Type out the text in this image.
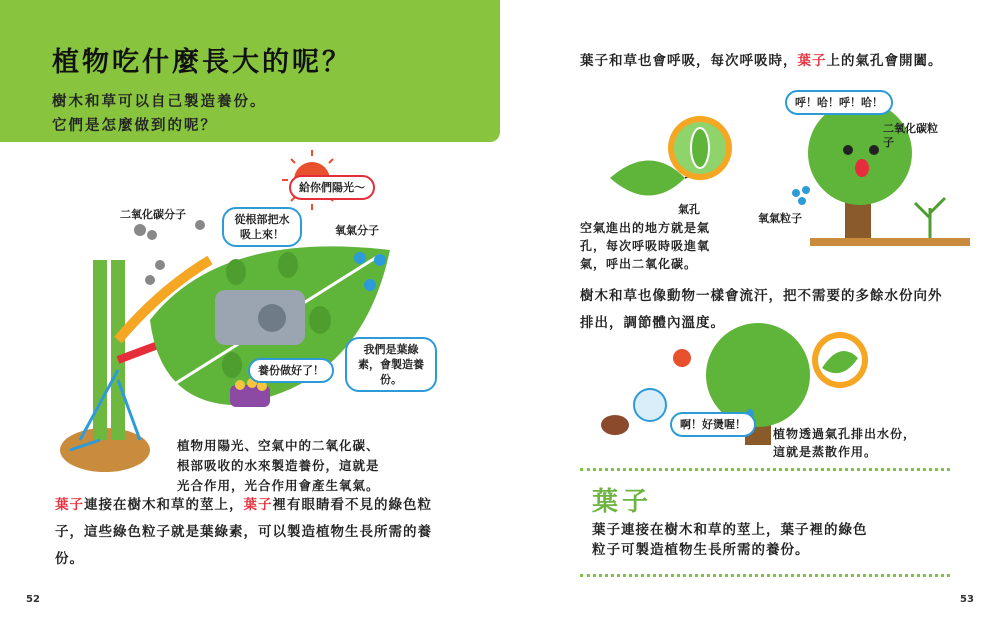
植物吃什麼長大的呢？
樹木和草可以自己製造養份。
它們是怎麼做到的呢？
給你們陽光～
二氧化碳分子
氧氣分子
從根部把水吸上來！
我們是葉綠素，會製造養份。
養份做好了！
植物用陽光、空氣中的二氧化碳、
根部吸收的水來製造養份，這就是
光合作用，光合作用會產生氧氣。
葉子連接在樹木和草的莖上，葉子裡有眼睛看不見的綠色粒子，這些綠色粒子就是葉綠素，可以製造植物生長所需的養份。
52
葉子和草也會呼吸，每次呼吸時，葉子上的氣孔會開闔。
氣孔
空氣進出的地方就是氣
孔，每次呼吸時吸進氧
氣，呼出二氧化碳。
呼！哈！呼！哈！
氧氣粒子
二氧化碳粒子
樹木和草也像動物一樣會流汗，把不需要的多餘水份向外排出，調節體內溫度。
啊！好燙喔！
植物透過氣孔排出水份，
這就是蒸散作用。
葉子
葉子連接在樹木和草的莖上，葉子裡的綠色
粒子可製造植物生長所需的養份。
53
